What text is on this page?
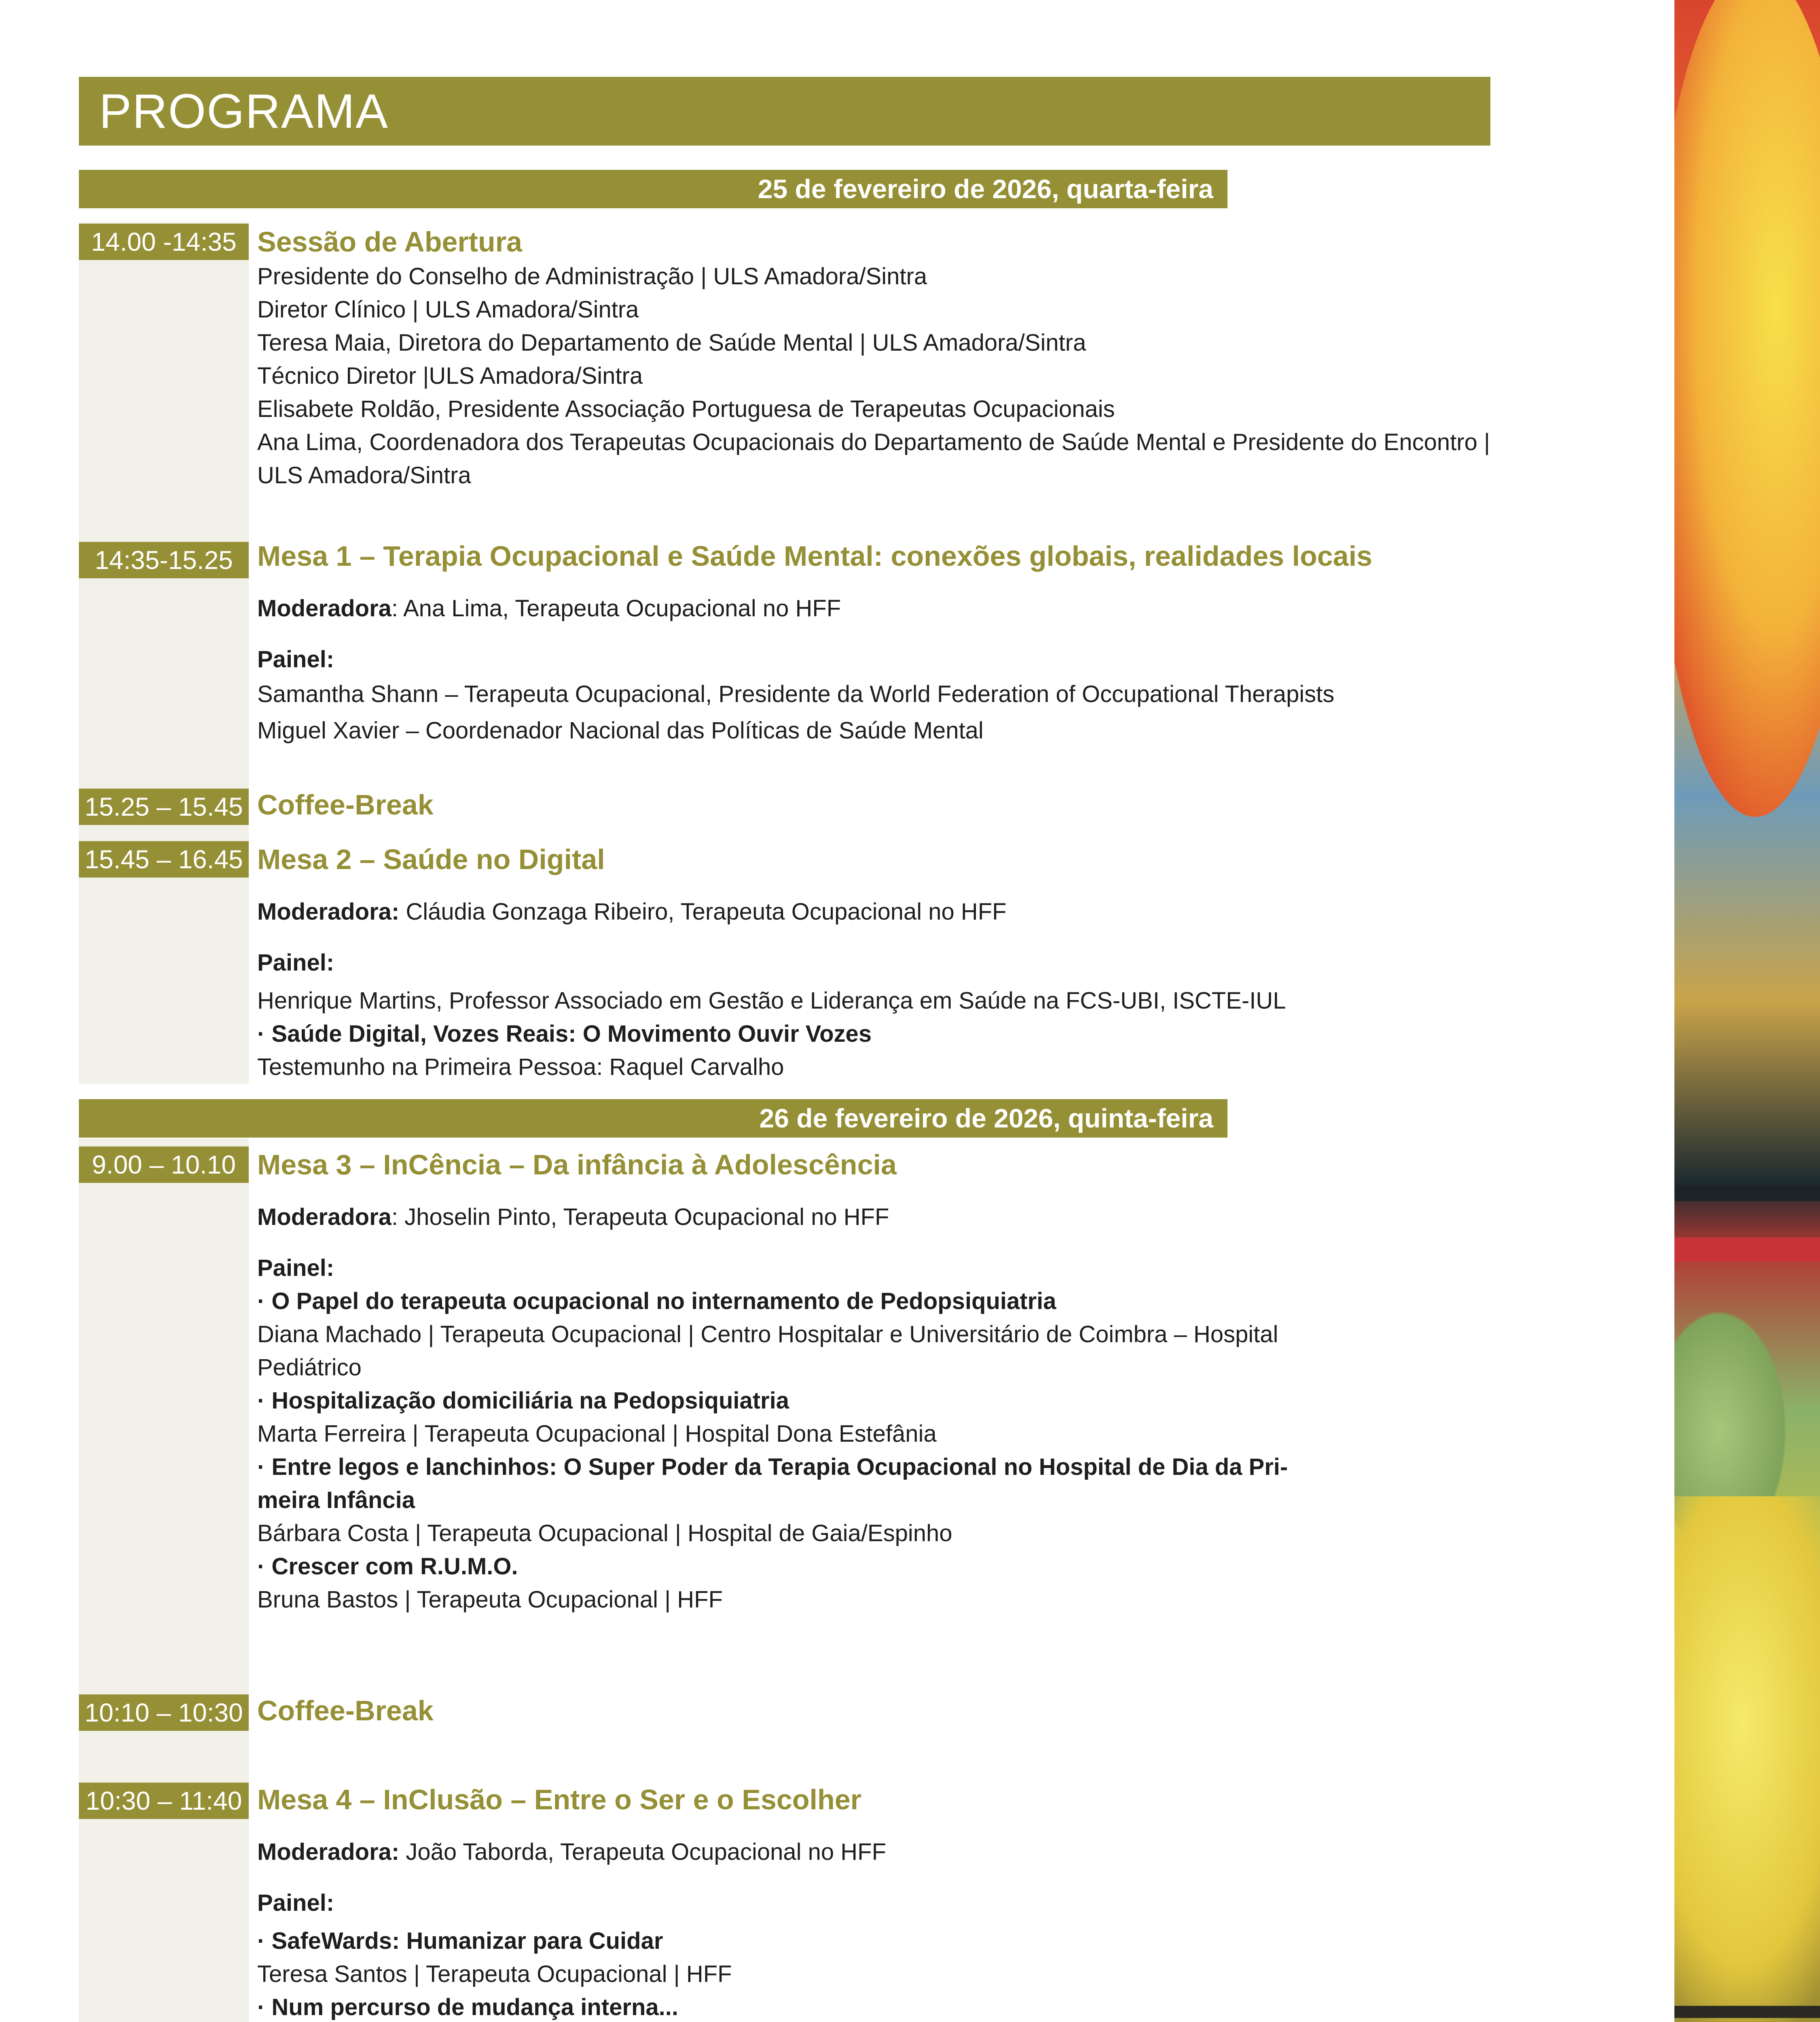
PROGRAMA
25 de fevereiro de 2026, quarta-feira
14.00 -14:35 Sessão de Abertura
Presidente do Conselho de Administração | ULS Amadora/Sintra
Diretor Clínico | ULS Amadora/Sintra
Teresa Maia, Diretora do Departamento de Saúde Mental | ULS Amadora/Sintra
Técnico Diretor |ULS Amadora/Sintra
Elisabete Roldão, Presidente Associação Portuguesa de Terapeutas Ocupacionais
Ana Lima, Coordenadora dos Terapeutas Ocupacionais do Departamento de Saúde Mental e Presidente do Encontro |
ULS Amadora/Sintra
14:35-15.25 Mesa 1 – Terapia Ocupacional e Saúde Mental: conexões globais, realidades locais
Moderadora: Ana Lima, Terapeuta Ocupacional no HFF
Painel:
Samantha Shann – Terapeuta Ocupacional, Presidente da World Federation of Occupational Therapists
Miguel Xavier – Coordenador Nacional das Políticas de Saúde Mental
15.25 – 15.45 Coffee-Break
15.45 – 16.45 Mesa 2 – Saúde no Digital
Moderadora: Cláudia Gonzaga Ribeiro, Terapeuta Ocupacional no HFF
Painel:
Henrique Martins, Professor Associado em Gestão e Liderança em Saúde na FCS-UBI, ISCTE-IUL
· Saúde Digital, Vozes Reais: O Movimento Ouvir Vozes
Testemunho na Primeira Pessoa: Raquel Carvalho
26 de fevereiro de 2026, quinta-feira
9.00 – 10.10 Mesa 3 – InCência – Da infância à Adolescência
Moderadora: Jhoselin Pinto, Terapeuta Ocupacional no HFF
Painel:
· O Papel do terapeuta ocupacional no internamento de Pedopsiquiatria
Diana Machado | Terapeuta Ocupacional | Centro Hospitalar e Universitário de Coimbra – Hospital
Pediátrico
· Hospitalização domiciliária na Pedopsiquiatria
Marta Ferreira | Terapeuta Ocupacional | Hospital Dona Estefânia
· Entre legos e lanchinhos: O Super Poder da Terapia Ocupacional no Hospital de Dia da Pri-
meira Infância
Bárbara Costa | Terapeuta Ocupacional | Hospital de Gaia/Espinho
· Crescer com R.U.M.O.
Bruna Bastos | Terapeuta Ocupacional | HFF
10:10 – 10:30 Coffee-Break
10:30 – 11:40 Mesa 4 – InClusão – Entre o Ser e o Escolher
Moderadora: João Taborda, Terapeuta Ocupacional no HFF
Painel:
· SafeWards: Humanizar para Cuidar
Teresa Santos | Terapeuta Ocupacional | HFF
· Num percurso de mudança interna...
